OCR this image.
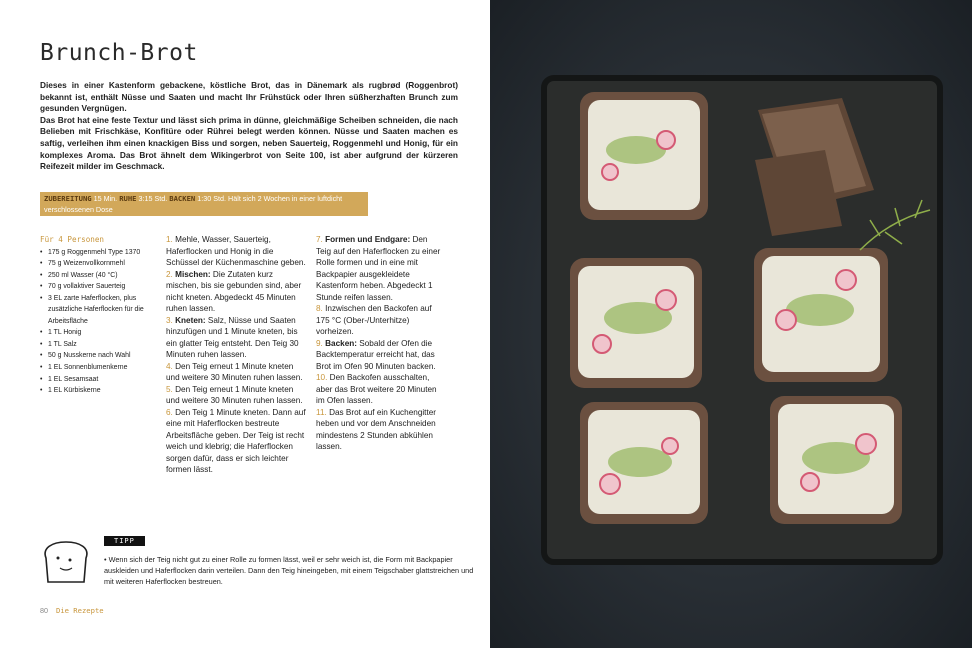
Brunch-Brot

Dieses in einer Kastenform gebackene, köstliche Brot, das in Dänemark als rugbrød (Roggenbrot) bekannt ist, enthält Nüsse und Saaten und macht Ihr Frühstück oder Ihren süßherzhaften Brunch zum gesunden Vergnügen.

Das Brot hat eine feste Textur und lässt sich prima in dünne, gleichmäßige Scheiben schneiden, die nach Belieben mit Frischkäse, Konfitüre oder Rührei belegt werden können. Nüsse und Saaten machen es saftig, verleihen ihm einen knackigen Biss und sorgen, neben Sauerteig, Roggenmehl und Honig, für ein komplexes Aroma. Das Brot ähnelt dem Wikingerbrot von Seite 100, ist aber aufgrund der kürzeren Reifezeit milder im Geschmack.

ZUBEREITUNG 15 Min. RUHE 3:15 Std. BACKEN 1:30 Std. Hält sich 2 Wochen in einer luftdicht verschlossenen Dose
Für 4 Personen
• 175 g Roggenmehl Type 1370
• 75 g Weizenvollkornmehl
• 250 ml Wasser (40 °C)
• 70 g vollaktiver Sauerteig
• 3 EL zarte Haferflocken, plus zusätzliche Haferflocken für die Arbeitsfläche
• 1 TL Honig
• 1 TL Salz
• 50 g Nusskerne nach Wahl
• 1 EL Sonnenblumenkerne
• 1 EL Sesamsaat
• 1 EL Kürbiskerne

1. Mehle, Wasser, Sauerteig, Haferflocken und Honig in die Schüssel der Küchenmaschine geben.

2. Mischen: Die Zutaten kurz mischen, bis sie gebunden sind, aber nicht kneten. Abgedeckt 45 Minuten ruhen lassen.

3. Kneten: Salz, Nüsse und Saaten hinzufügen und 1 Minute kneten, bis ein glatter Teig entsteht. Den Teig 30 Minuten ruhen lassen.

4. Den Teig erneut 1 Minute kneten und weitere 30 Minuten ruhen lassen.

5. Den Teig erneut 1 Minute kneten und weitere 30 Minuten ruhen lassen.

6. Den Teig 1 Minute kneten. Dann auf eine mit Haferflocken bestreute Arbeitsfläche geben. Der Teig ist recht weich und klebrig; die Haferflocken sorgen dafür, dass er sich leichter formen lässt.

7. Formen und Endgare: Den Teig auf den Haferflocken zu einer Rolle formen und in eine mit Backpapier ausgekleidete Kastenform heben. Abgedeckt 1 Stunde reifen lassen.

8. Inzwischen den Backofen auf 175 °C (Ober-/Unterhitze) vorheizen.

9. Backen: Sobald der Ofen die Backtemperatur erreicht hat, das Brot im Ofen 90 Minuten backen.

10. Den Backofen ausschalten, aber das Brot weitere 20 Minuten im Ofen lassen.

11. Das Brot auf ein Kuchengitter heben und vor dem Anschneiden mindestens 2 Stunden abkühlen lassen.

TIPP

• Wenn sich der Teig nicht gut zu einer Rolle zu formen lässt, weil er sehr weich ist, die Form mit Backpapier auskleiden und Haferflocken darin verteilen. Dann den Teig hineingeben, mit einem Teigschaber glattstreichen und mit weiteren Haferflocken bestreuen.

80 Die Rezepte
